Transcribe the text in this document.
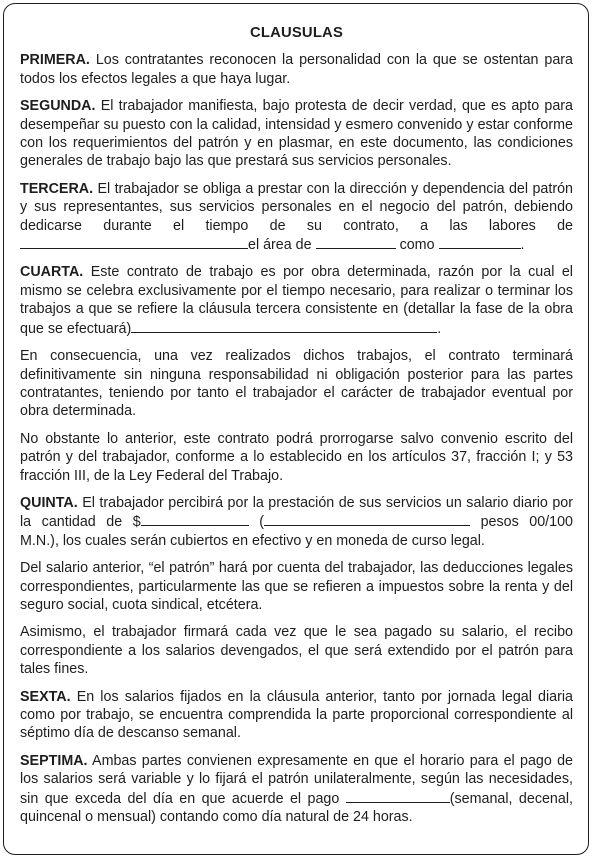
CLAUSULAS

PRIMERA. Los contratantes reconocen la personalidad con la que se ostentan para todos los efectos legales a que haya lugar.

SEGUNDA. El trabajador manifiesta, bajo protesta de decir verdad, que es apto para desempeñar su puesto con la calidad, intensidad y esmero convenido y estar conforme con los requerimientos del patrón y en plasmar, en este documento, las condiciones generales de trabajo bajo las que prestará sus servicios personales.

TERCERA. El trabajador se obliga a prestar con la dirección y dependencia del patrón y sus representantes, sus servicios personales en el negocio del patrón, debiendo dedicarse durante el tiempo de su contrato, a las labores de el área de	como	.

CUARTA. Este contrato de trabajo es por obra determinada, razón por la cual el mismo se celebra exclusivamente por el tiempo necesario, para realizar o terminar los trabajos a que se refiere la cláusula tercera consistente en (detallar la fase de la obra que se efectuará)	.

En consecuencia, una vez realizados dichos trabajos, el contrato terminará definitivamente sin ninguna responsabilidad ni obligación posterior para las partes contratantes, teniendo por tanto el trabajador el carácter de trabajador eventual por obra determinada.

No obstante lo anterior, este contrato podrá prorrogarse salvo convenio escrito del patrón y del trabajador, conforme a lo establecido en los artículos 37, fracción I; y 53 fracción III, de la Ley Federal del Trabajo.

QUINTA. El trabajador percibirá por la prestación de sus servicios un salario diario por la cantidad de $	(	pesos 00/100 M.N.), los cuales serán cubiertos en efectivo y en moneda de curso legal.

Del salario anterior, “el patrón” hará por cuenta del trabajador, las deducciones legales correspondientes, particularmente las que se refieren a impuestos sobre la renta y del seguro social, cuota sindical, etcétera.

Asimismo, el trabajador firmará cada vez que le sea pagado su salario, el recibo correspondiente a los salarios devengados, el que será extendido por el patrón para tales fines.

SEXTA. En los salarios fijados en la cláusula anterior, tanto por jornada legal diaria como por trabajo, se encuentra comprendida la parte proporcional correspondiente al séptimo día de descanso semanal.

SEPTIMA. Ambas partes convienen expresamente en que el horario para el pago de los salarios será variable y lo fijará el patrón unilateralmente, según las necesidades, sin que exceda del día en que acuerde el pago	(semanal, decenal, quincenal o mensual) contando como día natural de 24 horas.
